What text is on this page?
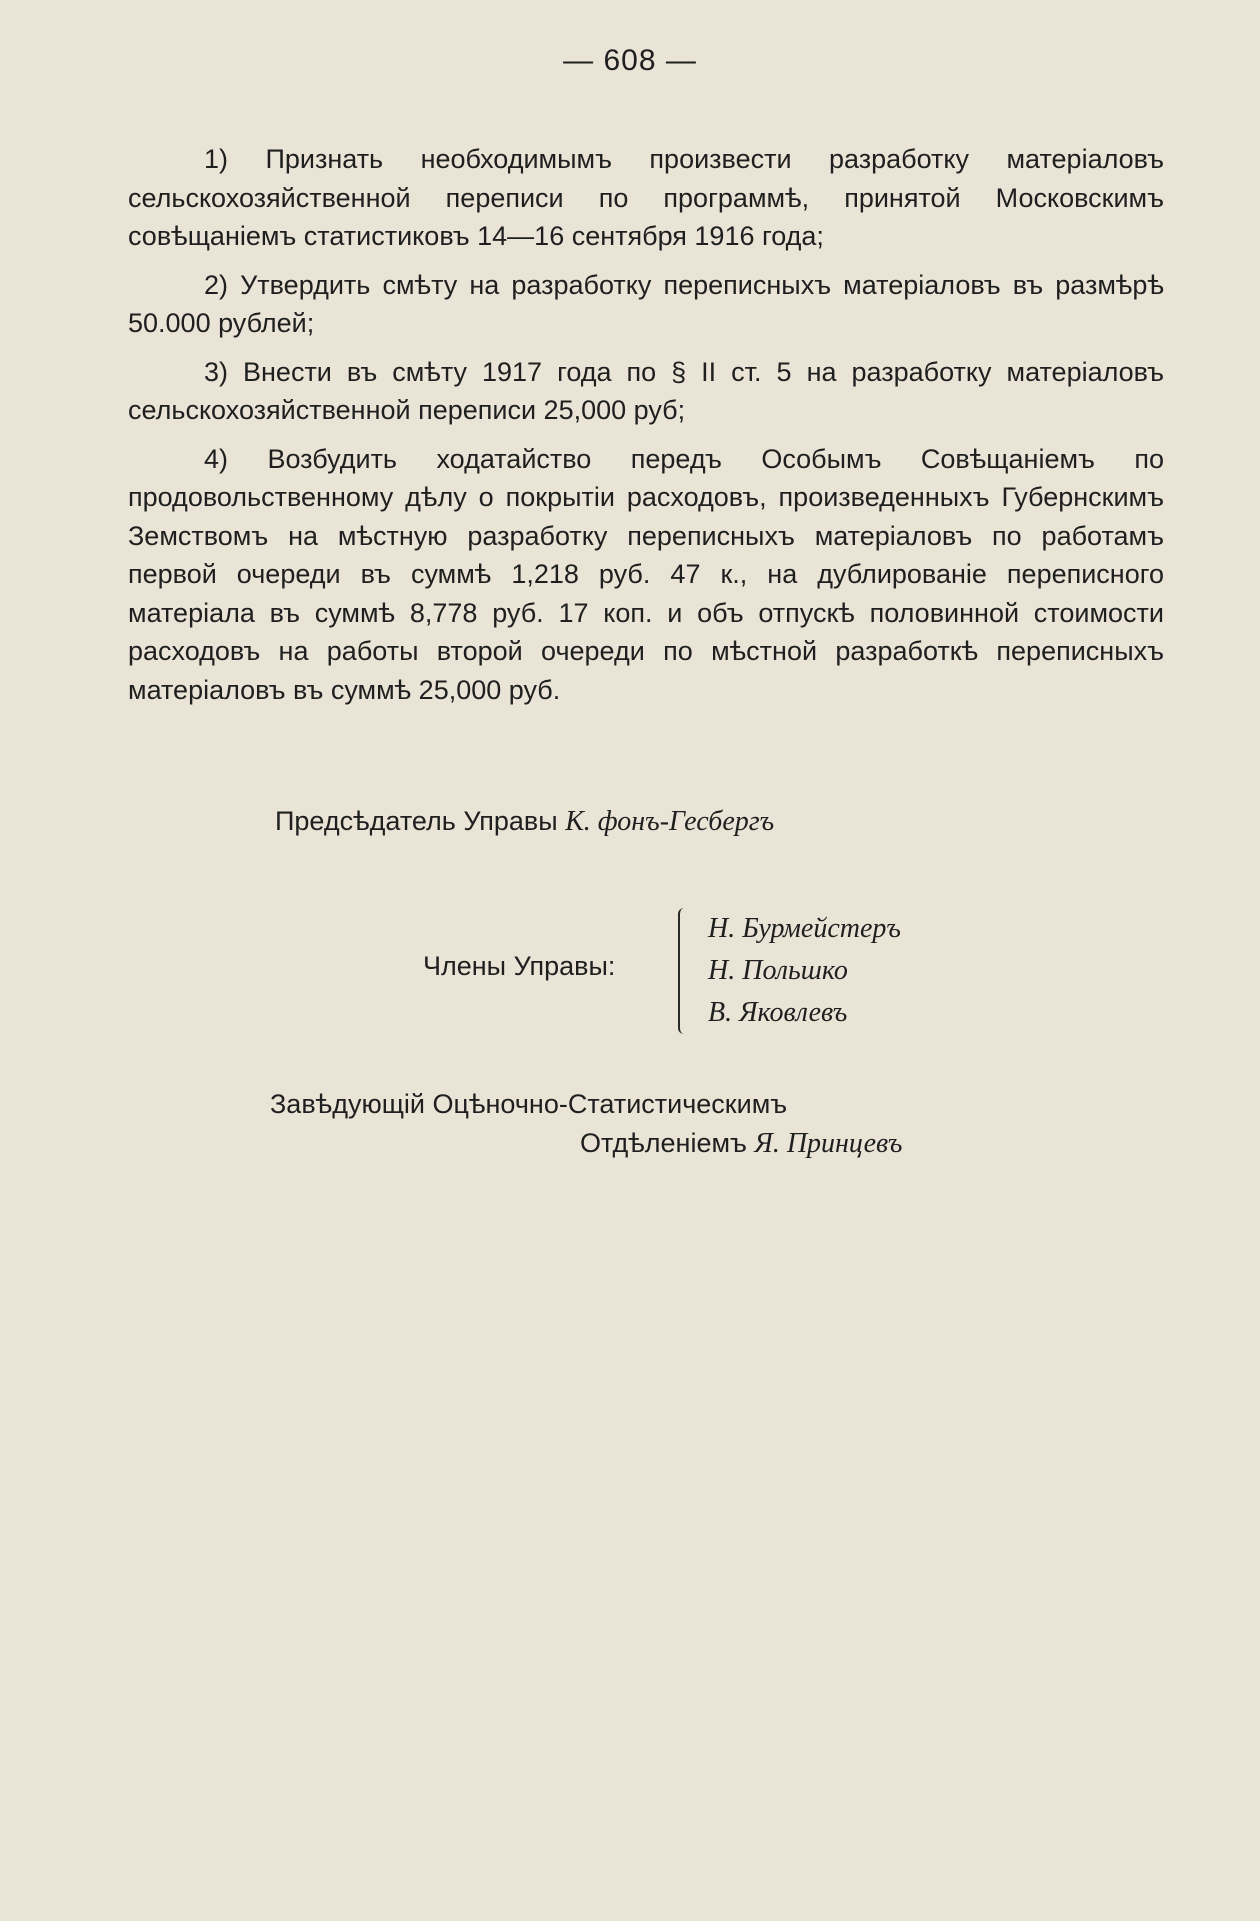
— 608 —

1) Признать необходимымъ произвести разработку матеріаловъ сельскохозяйственной переписи по программѣ, принятой Московскимъ совѣщаніемъ статистиковъ 14—16 сентября 1916 года;

2) Утвердить смѣту на разработку переписныхъ матеріаловъ въ размѣрѣ 50.000 рублей;

3) Внести въ смѣту 1917 года по § II ст. 5 на разработку матеріаловъ сельскохозяйственной переписи 25,000 руб;

4) Возбудить ходатайство передъ Особымъ Совѣщаніемъ по продовольственному дѣлу о покрытіи расходовъ, произведенныхъ Губернскимъ Земствомъ на мѣстную разработку переписныхъ матеріаловъ по работамъ первой очереди въ суммѣ 1,218 руб. 47 к., на дублированіе переписного матеріала въ суммѣ 8,778 руб. 17 коп. и объ отпускѣ половинной стоимости расходовъ на работы второй очереди по мѣстной разработкѣ переписныхъ матеріаловъ въ суммѣ 25,000 руб.

Предсѣдатель Управы К. фонъ-Гесбергъ
Члены Управы:
Н. Бурмейстеръ
Н. Польшко
В. Яковлевъ
Завѣдующій Оцѣночно-Статистическимъ
Отдѣленіемъ Я. Принцевъ
